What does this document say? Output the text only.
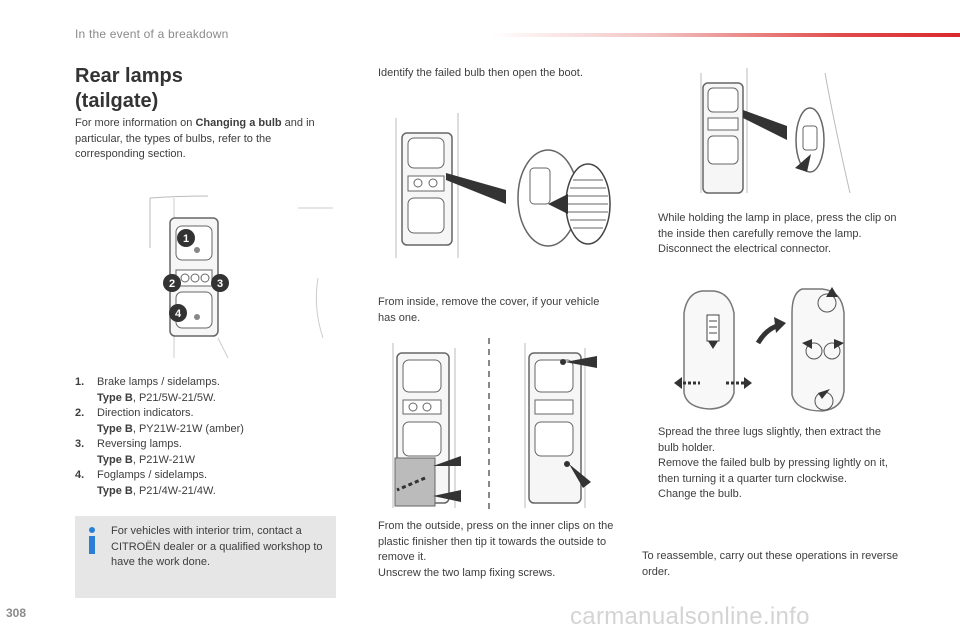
In the event of a breakdown
Rear lamps
(tailgate)
For more information on Changing a bulb and in particular, the types of bulbs, refer to the corresponding section.
1
2	3
4
1.	Brake lamps / sidelamps.
Type B, P21/5W-21/5W.
2.	Direction indicators.
Type B, PY21W-21W (amber)
3.	Reversing lamps.
Type B, P21W-21W
4.	Foglamps / sidelamps.
Type B, P21/4W-21/4W.
For vehicles with interior trim, contact a CITROËN dealer or a qualified workshop to have the work done.
Identify the failed bulb then open the boot.
From inside, remove the cover, if your vehicle has one.
From the outside, press on the inner clips on the plastic finisher then tip it towards the outside to remove it.
Unscrew the two lamp fixing screws.
While holding the lamp in place, press the clip on the inside then carefully remove the lamp.
Disconnect the electrical connector.
Spread the three lugs slightly, then extract the bulb holder.
Remove the failed bulb by pressing lightly on it, then turning it a quarter turn clockwise.
Change the bulb.
To reassemble, carry out these operations in reverse order.
308	carmanualsonline.info
